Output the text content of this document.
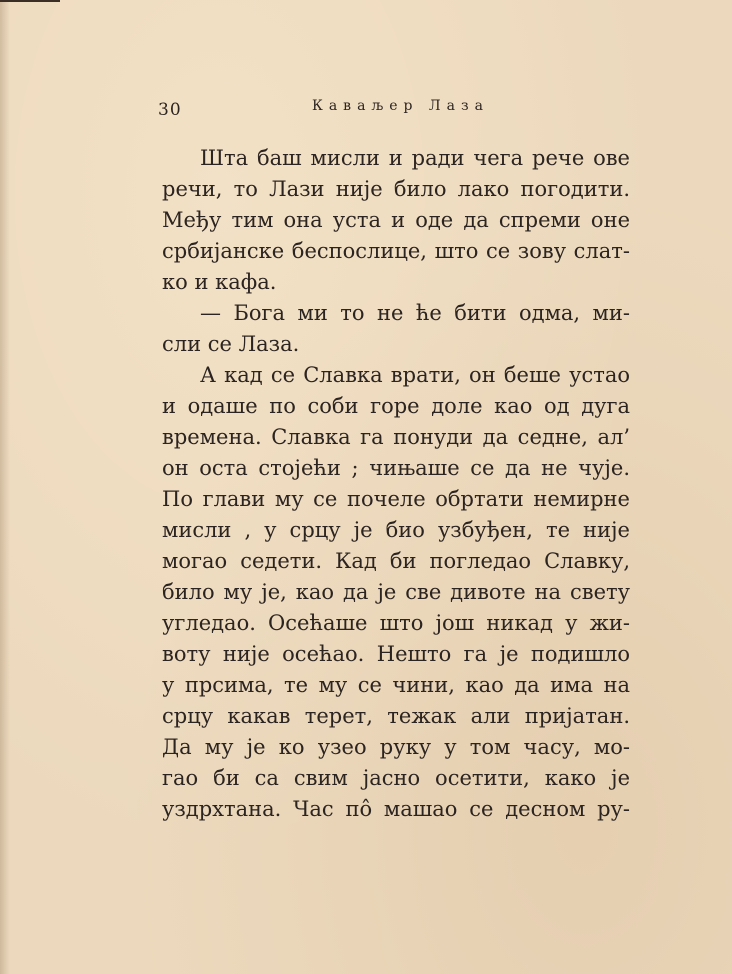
30	Каваљер Лаза
Шта баш мисли и ради чега рече ове
речи, то Лази није било лако погодити.
Међу тим она уста и оде да спреми оне
србијанске беспослице, што се зову слат-
ко и кафа.
— Бога ми то не ће бити одма, ми-
сли се Лаза.
А кад се Славка врати, он беше устао
и одаше по соби горе доле као од дуга
времена. Славка га понуди да седне, ал’
он оста стојећи ; чињаше се да не чује.
По глави му се почеле обртати немирне
мисли , у срцу је био узбуђен, те није
могао седети. Кад би погледао Славку,
било му је, као да је све дивоте на свету
угледао. Осећаше што још никад у жи-
воту није осећао. Нешто га је подишло
у прсима, те му се чини, као да има на
срцу какав терет, тежак али пријатан.
Да му је ко узео руку у том часу, мо-
гао би са свим јасно осетити, како је
уздрхтана. Час пô машао се десном ру-
